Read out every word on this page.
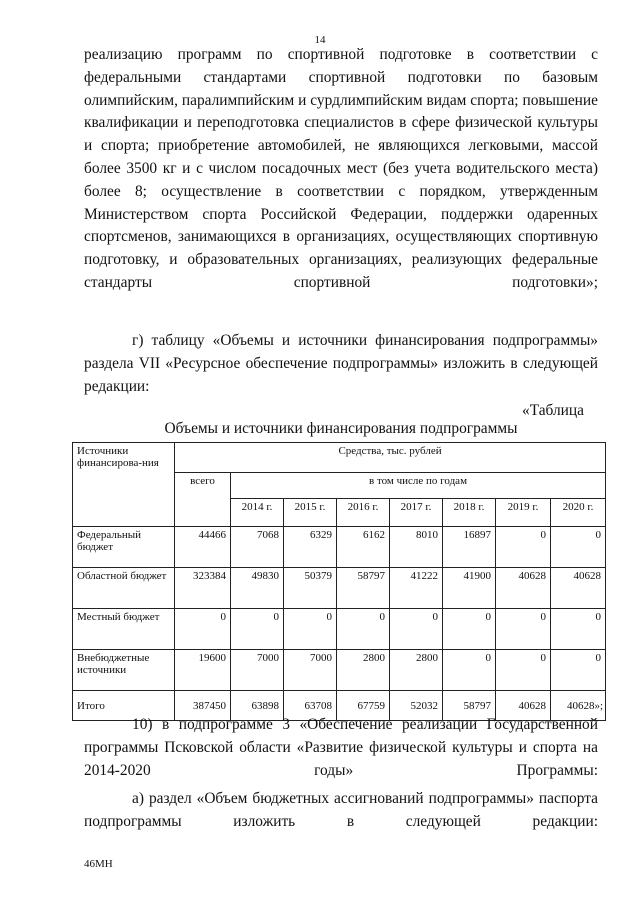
14

реализацию программ по спортивной подготовке в соответствии с федеральными стандартами спортивной подготовки по базовым олимпийским, паралимпийским и сурдлимпийским видам спорта; повышение квалификации и переподготовка специалистов в сфере физической культуры и спорта; приобретение автомобилей, не являющихся легковыми, массой более 3500 кг и с числом посадочных мест (без учета водительского места) более 8; осуществление в соответствии с порядком, утвержденным Министерством спорта Российской Федерации, поддержки одаренных спортсменов, занимающихся в организациях, осуществляющих спортивную подготовку, и образовательных организациях, реализующих федеральные стандарты спортивной подготовки»;

г) таблицу «Объемы и источники финансирования подпрограммы» раздела VII «Ресурсное обеспечение подпрограммы» изложить в следующей редакции:

«Таблица
Объемы и источники финансирования подпрограммы
Источники финансирова-ния	Средства, тыс. рублей							
	всего	в том числе по годам						
		2014 г.	2015 г.	2016 г.	2017 г.	2018 г.	2019 г.	2020 г.
Федеральный бюджет	44466	7068	6329	6162	8010	16897	0	0
Областной бюджет	323384	49830	50379	58797	41222	41900	40628	40628
Местный бюджет	0	0	0	0	0	0	0	0
Внебюджетные источники	19600	7000	7000	2800	2800	0	0	0
Итого	387450	63898	63708	67759	52032	58797	40628	40628»;

10) в подпрограмме 3 «Обеспечение реализации Государственной программы Псковской области «Развитие физической культуры и спорта на 2014-2020 годы» Программы:

а) раздел «Объем бюджетных ассигнований подпрограммы» паспорта подпрограммы изложить в следующей редакции:

46МН
